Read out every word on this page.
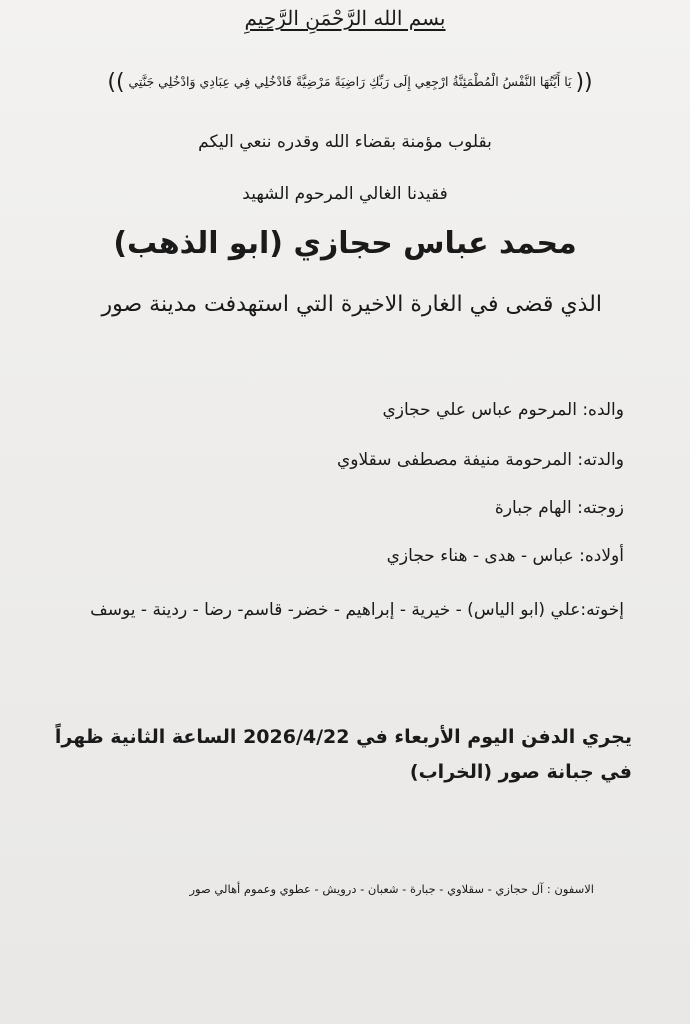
بسم الله الرَّحْمَنِ الرَّحِيمِ
(( يَا أَيَّتُهَا النَّفْسُ الْمُطْمَئِنَّةُ ارْجِعِي إِلَى رَبِّكِ رَاضِيَةً مَرْضِيَّةً فَادْخُلِي فِي عِبَادِي وَادْخُلِي جَنَّتِي ))
بقلوب مؤمنة بقضاء الله وقدره ننعي اليكم
فقيدنا الغالي المرحوم الشهيد
محمد عباس حجازي (ابو الذهب)
الذي قضى في الغارة الاخيرة التي استهدفت مدينة صور
والده: المرحوم عباس علي حجازي
والدته: المرحومة منيفة مصطفى سقلاوي
زوجته: الهام جبارة
أولاده: عباس - هدى - هناء حجازي
إخوته:علي (ابو الياس) - خيرية - إبراهيم - خضر- قاسم- رضا - ردينة - يوسف
يجري الدفن اليوم الأربعاء في 2026/4/22 الساعة الثانية ظهراً في جبانة صور (الخراب)
الاسفون : آل حجازي - سقلاوي - جبارة - شعبان - درويش - عطوي وعموم أهالي صور
